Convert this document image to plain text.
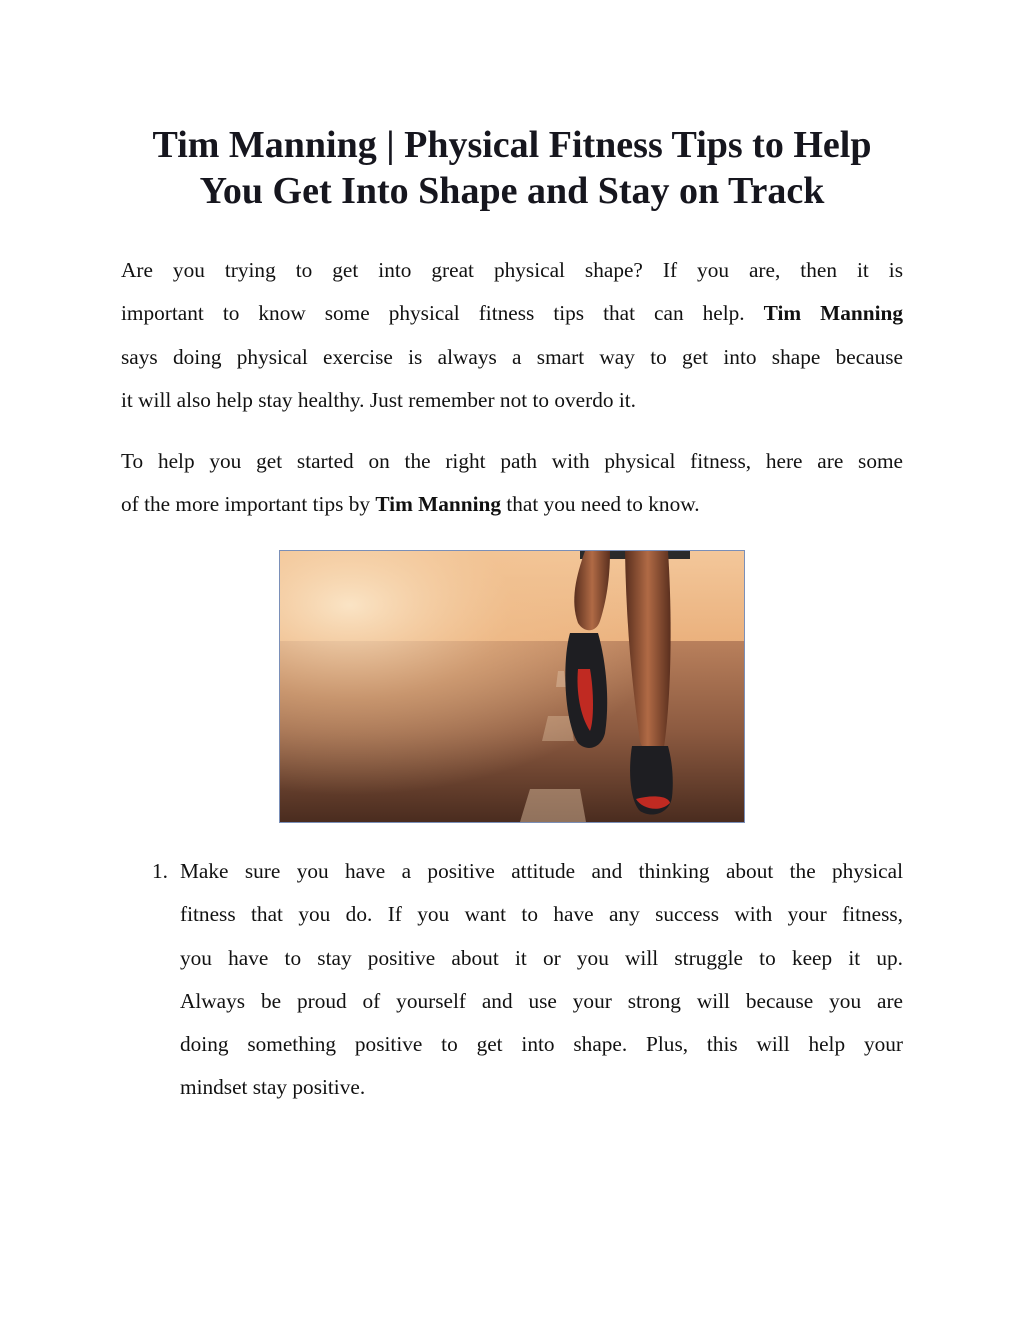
Tim Manning | Physical Fitness Tips to Help
You Get Into Shape and Stay on Track

Are you trying to get into great physical shape? If you are, then it is
important to know some physical fitness tips that can help. Tim Manning
says doing physical exercise is always a smart way to get into shape because
it will also help stay healthy. Just remember not to overdo it.

To help you get started on the right path with physical fitness, here are some
of the more important tips by Tim Manning that you need to know.

1. Make sure you have a positive attitude and thinking about the physical
fitness that you do. If you want to have any success with your fitness,
you have to stay positive about it or you will struggle to keep it up.
Always be proud of yourself and use your strong will because you are
doing something positive to get into shape. Plus, this will help your
mindset stay positive.
